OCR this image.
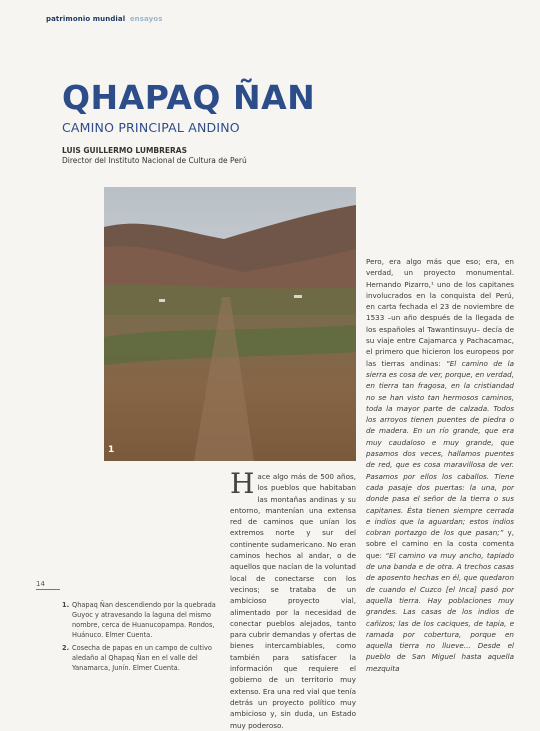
patrimonio mundial ensayos
QHAPAQ ÑAN
CAMINO PRINCIPAL ANDINO
LUIS GUILLERMO LUMBRERAS
Director del Instituto Nacional de Cultura de Perú
1
H ace algo más de 500 años, los pueblos que habitaban las montañas andinas y su entorno, mantenían una extensa red de caminos que unían los extremos norte y sur del continente sudamericano. No eran caminos hechos al andar, o de aquellos que nacían de la voluntad local de conectarse con los vecinos; se trataba de un ambicioso proyecto vial, alimentado por la necesidad de conectar pueblos alejados, tanto para cubrir demandas y ofertas de bienes intercambiables, como también para satisfacer la información que requiere el gobierno de un territorio muy extenso. Era una red vial que tenía detrás un proyecto político muy ambicioso y, sin duda, un Estado muy poderoso.

Pero, era algo más que eso; era, en verdad, un proyecto monumental. Hernando Pizarro,¹ uno de los capitanes involucrados en la conquista del Perú, en carta fechada el 23 de noviembre de 1533 –un año después de la llegada de los españoles al Tawantinsuyu– decía de su viaje entre Cajamarca y Pachacamac, el primero que hicieron los europeos por las tierras andinas: “El camino de la sierra es cosa de ver, porque, en verdad, en tierra tan fragosa, en la cristiandad no se han visto tan hermosos caminos, toda la mayor parte de calzada. Todos los arroyos tienen puentes de piedra o de madera. En un río grande, que era muy caudaloso e muy grande, que pasamos dos veces, hallamos puentes de red, que es cosa maravillosa de ver. Pasamos por ellos los caballos. Tiene cada pasaje dos puertas: la una, por donde pasa el señor de la tierra o sus capitanes. Ésta tienen siempre cerrada e indios que la aguardan; estos indios cobran portazgo de los que pasan;” y, sobre el camino en la costa comenta que: “El camino va muy ancho, tapiado de una banda e de otra. A trechos casas de aposento hechas en él, que quedaron de cuando el Cuzco [el Inca] pasó por aquella tierra. Hay poblaciones muy grandes. Las casas de los indios de cañizos; las de los caciques, de tapia, e ramada por cobertura, porque en aquella tierra no llueve... Desde el pueblo de San Miguel hasta aquella mezquita

14
1. Qhapaq Ñan descendiendo por la quebrada Guyoc y atravesando la laguna del mismo nombre, cerca de Huanucopampa. Rondos, Huánuco. Elmer Cuenta.
2. Cosecha de papas en un campo de cultivo aledaño al Qhapaq Ñan en el valle del Yanamarca, Junín. Elmer Cuenta.
